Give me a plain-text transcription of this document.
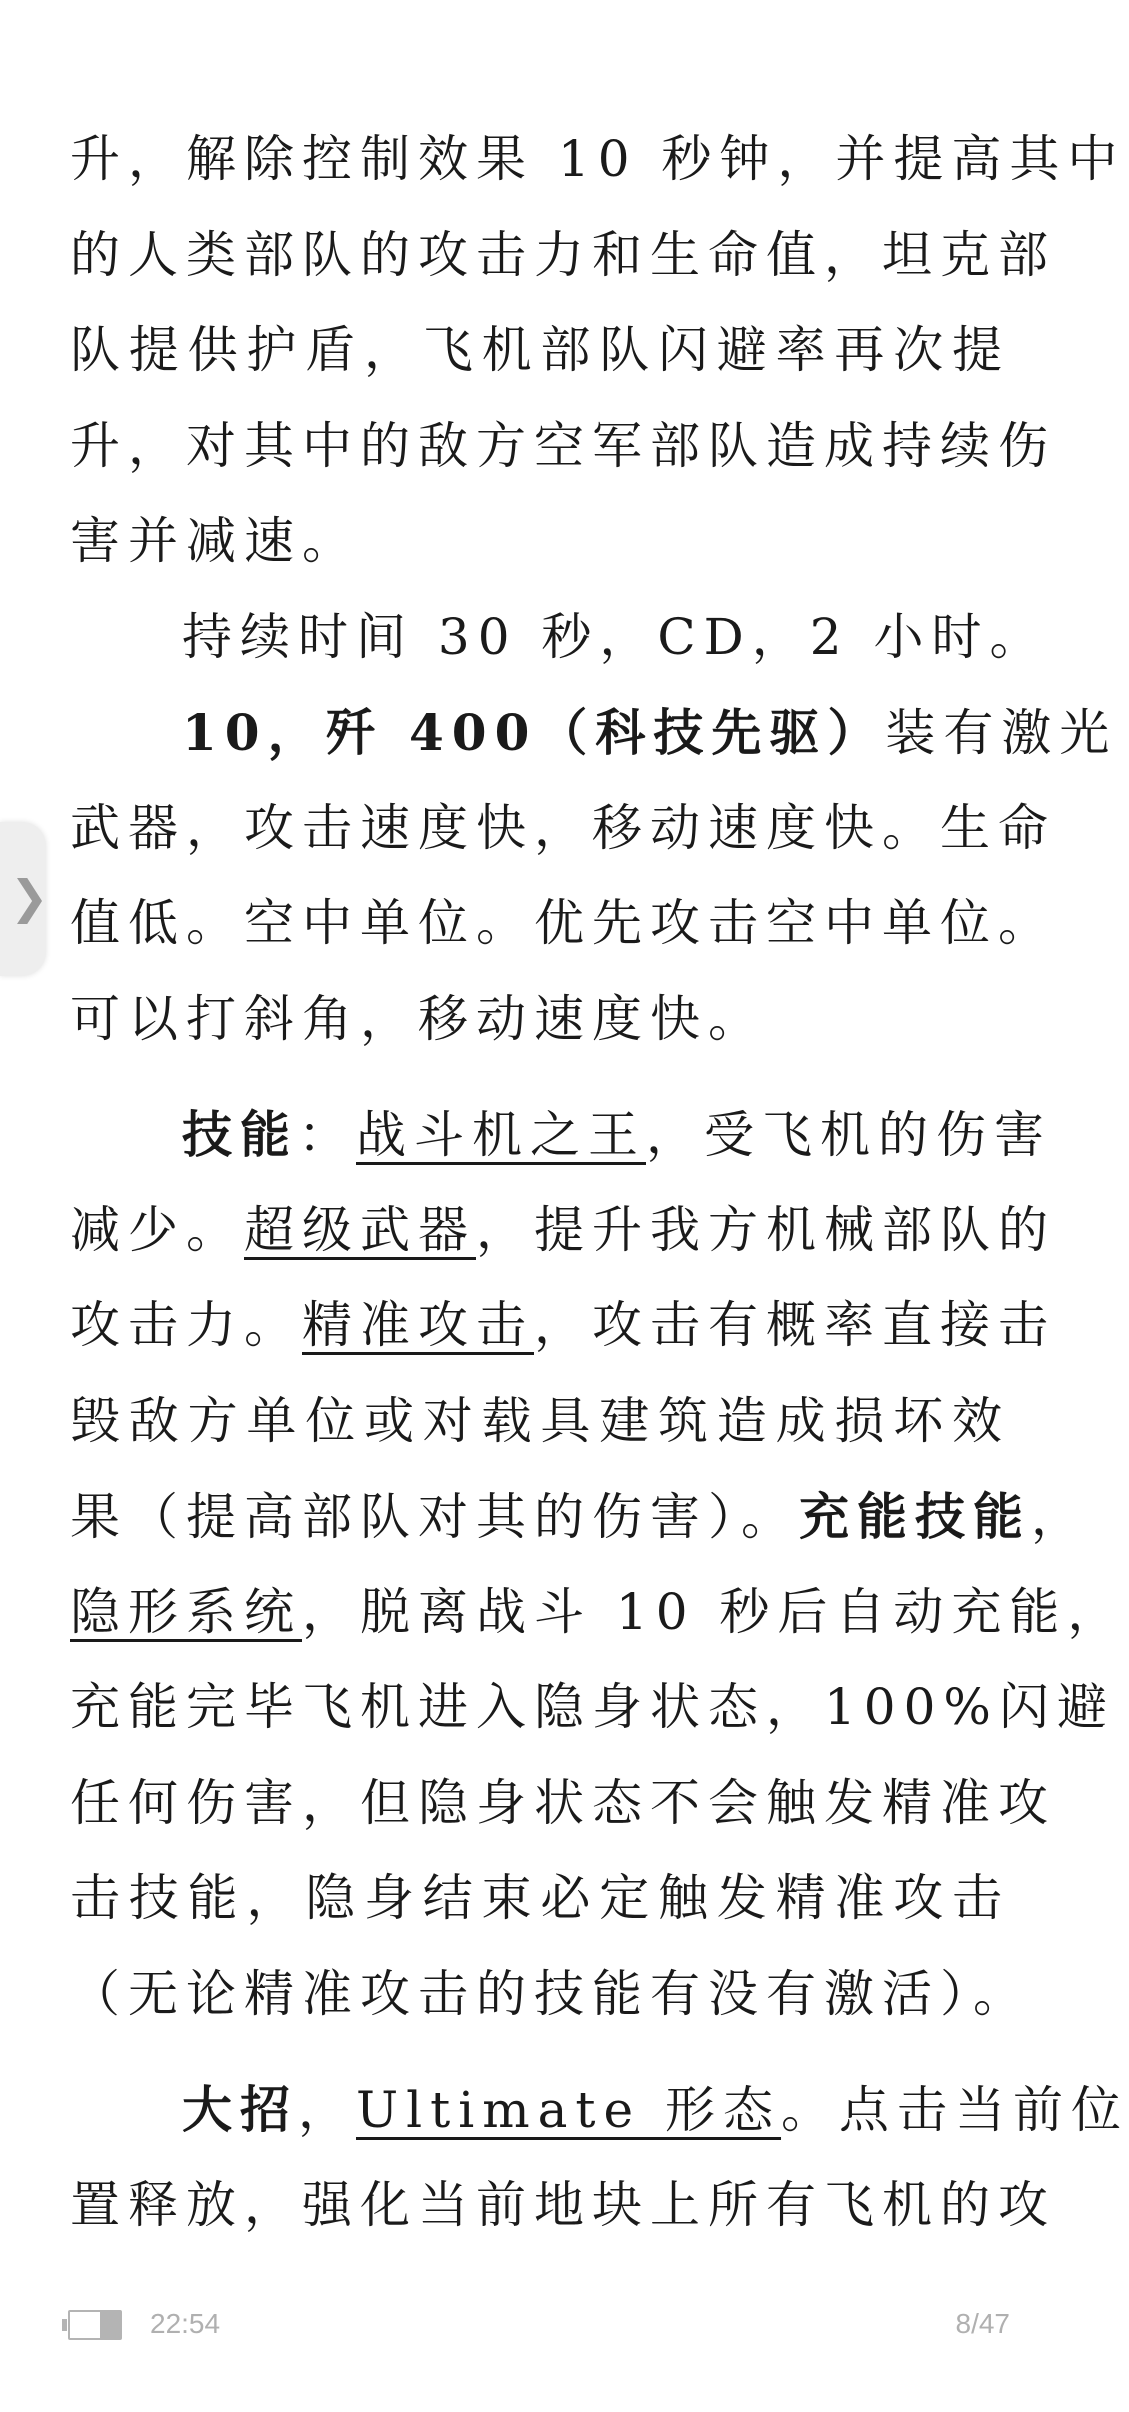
升，解除控制效果 10 秒钟，并提高其中
的人类部队的攻击力和生命值，坦克部
队提供护盾，飞机部队闪避率再次提
升，对其中的敌方空军部队造成持续伤
害并减速。
持续时间 30 秒，CD，2 小时。
10，歼 400（科技先驱）装有激光
武器，攻击速度快，移动速度快。生命
值低。空中单位。优先攻击空中单位。
可以打斜角，移动速度快。
技能：战斗机之王，受飞机的伤害
减少。超级武器，提升我方机械部队的
攻击力。精准攻击，攻击有概率直接击
毁敌方单位或对载具建筑造成损坏效
果（提高部队对其的伤害）。充能技能，
隐形系统，脱离战斗 10 秒后自动充能，
充能完毕飞机进入隐身状态，100%闪避
任何伤害，但隐身状态不会触发精准攻
击技能，隐身结束必定触发精准攻击
（无论精准攻击的技能有没有激活）。
大招，Ultimate 形态。点击当前位
置释放，强化当前地块上所有飞机的攻
❯
22:54	8/47
